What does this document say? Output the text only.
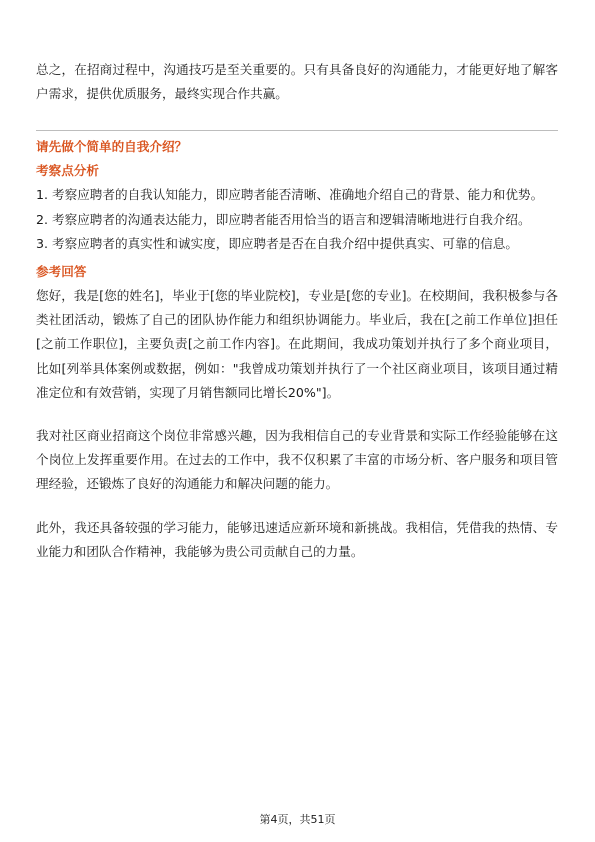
总之，在招商过程中，沟通技巧是至关重要的。只有具备良好的沟通能力，才能更好地了解客户需求，提供优质服务，最终实现合作共赢。

请先做个简单的自我介绍？

考察点分析

1. 考察应聘者的自我认知能力，即应聘者能否清晰、准确地介绍自己的背景、能力和优势。

2. 考察应聘者的沟通表达能力，即应聘者能否用恰当的语言和逻辑清晰地进行自我介绍。

3. 考察应聘者的真实性和诚实度，即应聘者是否在自我介绍中提供真实、可靠的信息。

参考回答

您好，我是[您的姓名]，毕业于[您的毕业院校]，专业是[您的专业]。在校期间，我积极参与各类社团活动，锻炼了自己的团队协作能力和组织协调能力。毕业后，我在[之前工作单位]担任[之前工作职位]，主要负责[之前工作内容]。在此期间，我成功策划并执行了多个商业项目，比如[列举具体案例或数据，例如："我曾成功策划并执行了一个社区商业项目，该项目通过精准定位和有效营销，实现了月销售额同比增长20%"]。

我对社区商业招商这个岗位非常感兴趣，因为我相信自己的专业背景和实际工作经验能够在这个岗位上发挥重要作用。在过去的工作中，我不仅积累了丰富的市场分析、客户服务和项目管理经验，还锻炼了良好的沟通能力和解决问题的能力。

此外，我还具备较强的学习能力，能够迅速适应新环境和新挑战。我相信，凭借我的热情、专业能力和团队合作精神，我能够为贵公司贡献自己的力量。

第4页，共51页
